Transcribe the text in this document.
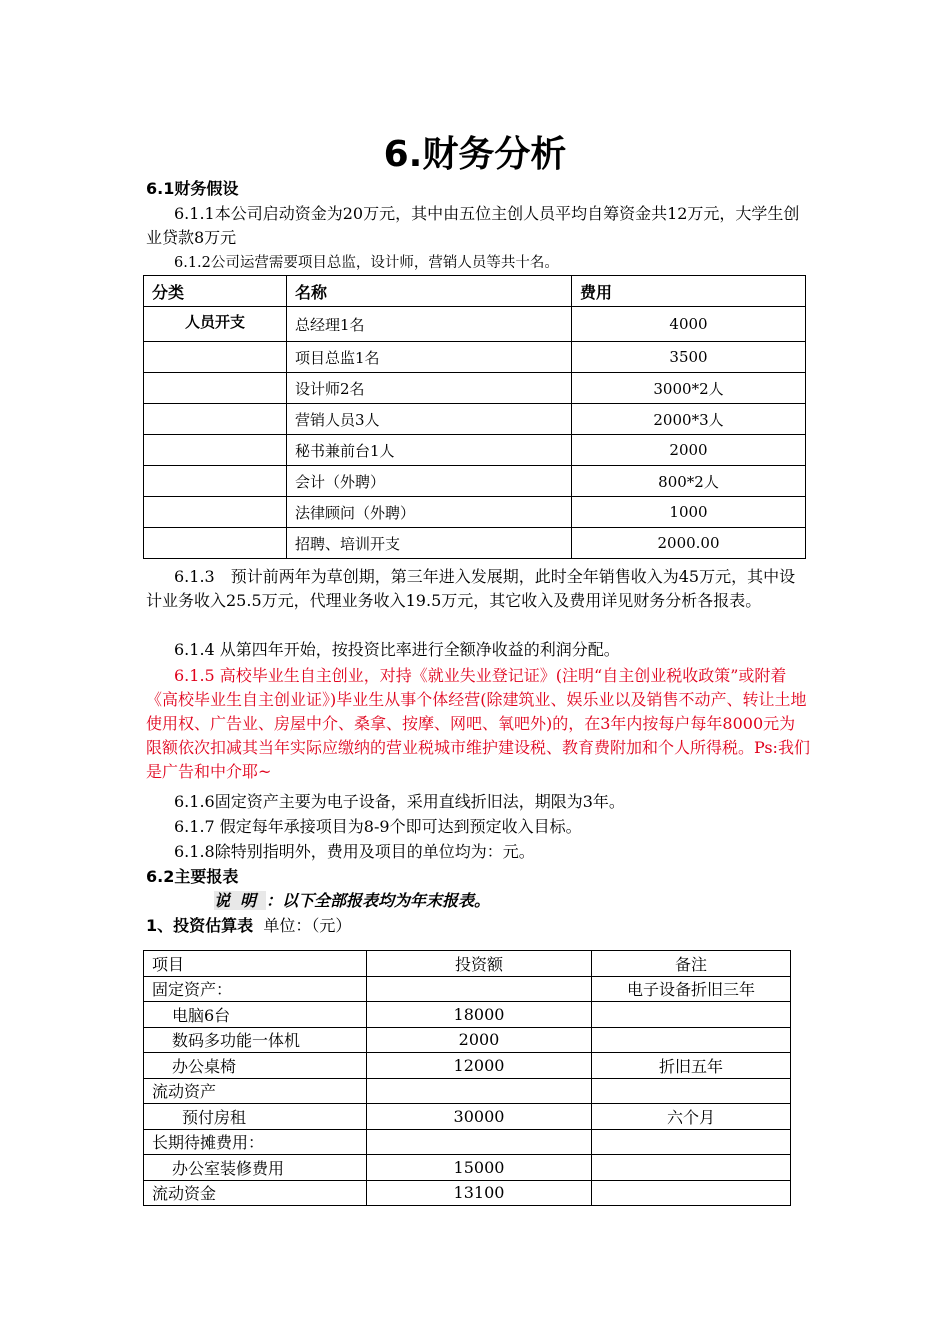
6.财务分析
6.1财务假设
6.1.1本公司启动资金为20万元，其中由五位主创人员平均自筹资金共12万元，大学生创业贷款8万元
6.1.2公司运营需要项目总监，设计师，营销人员等共十名。
分类	名称	费用
人员开支	总经理1名	4000
	项目总监1名	3500
	设计师2名	3000*2人
	营销人员3人	2000*3人
	秘书兼前台1人	2000
	会计（外聘）	800*2人
	法律顾问（外聘）	1000
	招聘、培训开支	2000.00
6.1.3　预计前两年为草创期，第三年进入发展期，此时全年销售收入为45万元，其中设计业务收入25.5万元，代理业务收入19.5万元，其它收入及费用详见财务分析各报表。
6.1.4 从第四年开始，按投资比率进行全额净收益的利润分配。
6.1.5 高校毕业生自主创业，对持《就业失业登记证》(注明“自主创业税收政策”或附着《高校毕业生自主创业证》)毕业生从事个体经营(除建筑业、娱乐业以及销售不动产、转让土地使用权、广告业、房屋中介、桑拿、按摩、网吧、氧吧外)的，在3年内按每户每年8000元为限额依次扣减其当年实际应缴纳的营业税城市维护建设税、教育费附加和个人所得税。Ps:我们是广告和中介耶~
6.1.6固定资产主要为电子设备，采用直线折旧法，期限为3年。
6.1.7 假定每年承接项目为8-9个即可达到预定收入目标。
6.1.8除特别指明外，费用及项目的单位均为：元。
6.2主要报表
说明：以下全部报表均为年末报表。
1、投资估算表 单位：（元）
项目	投资额	备注
固定资产：		电子设备折旧三年
电脑6台	18000	
数码多功能一体机	2000	
办公桌椅	12000	折旧五年
流动资产		
预付房租	30000	六个月
长期待摊费用：		
办公室装修费用	15000	
流动资金	13100	
